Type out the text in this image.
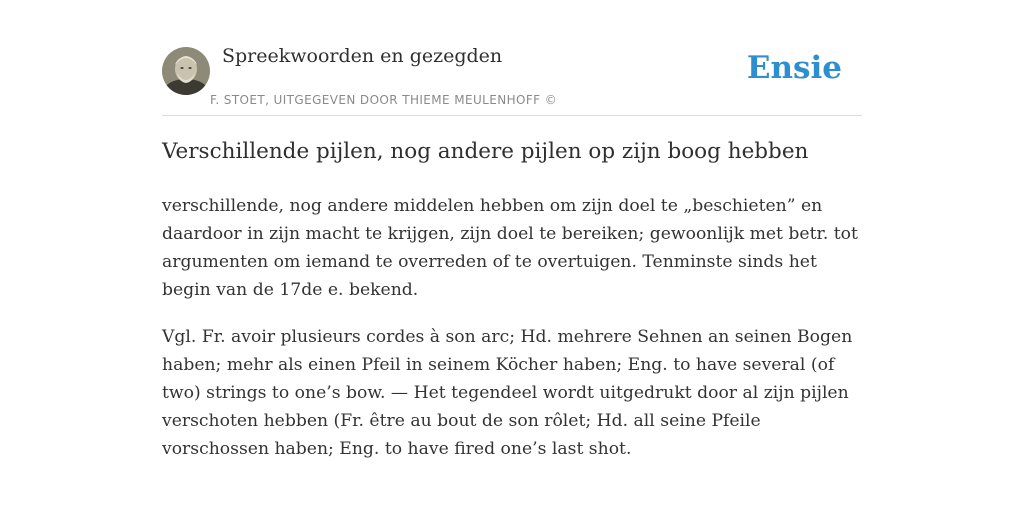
Spreekwoorden en gezegden
F. STOET, UITGEGEVEN DOOR THIEME MEULENHOFF ©
Ensie
Verschillende pijlen, nog andere pijlen op zijn boog hebben

verschillende, nog andere middelen hebben om zijn doel te „beschieten” en daardoor in zijn macht te krijgen, zijn doel te bereiken; gewoonlijk met betr. tot argumenten om iemand te overreden of te overtuigen. Tenminste sinds het begin van de 17de e. bekend.

Vgl. Fr. avoir plusieurs cordes à son arc; Hd. mehrere Sehnen an seinen Bogen haben; mehr als einen Pfeil in seinem Köcher haben; Eng. to have several (of two) strings to one’s bow. — Het tegendeel wordt uitgedrukt door al zijn pijlen verschoten hebben (Fr. être au bout de son rôlet; Hd. all seine Pfeile vorschossen haben; Eng. to have fired one’s last shot.
